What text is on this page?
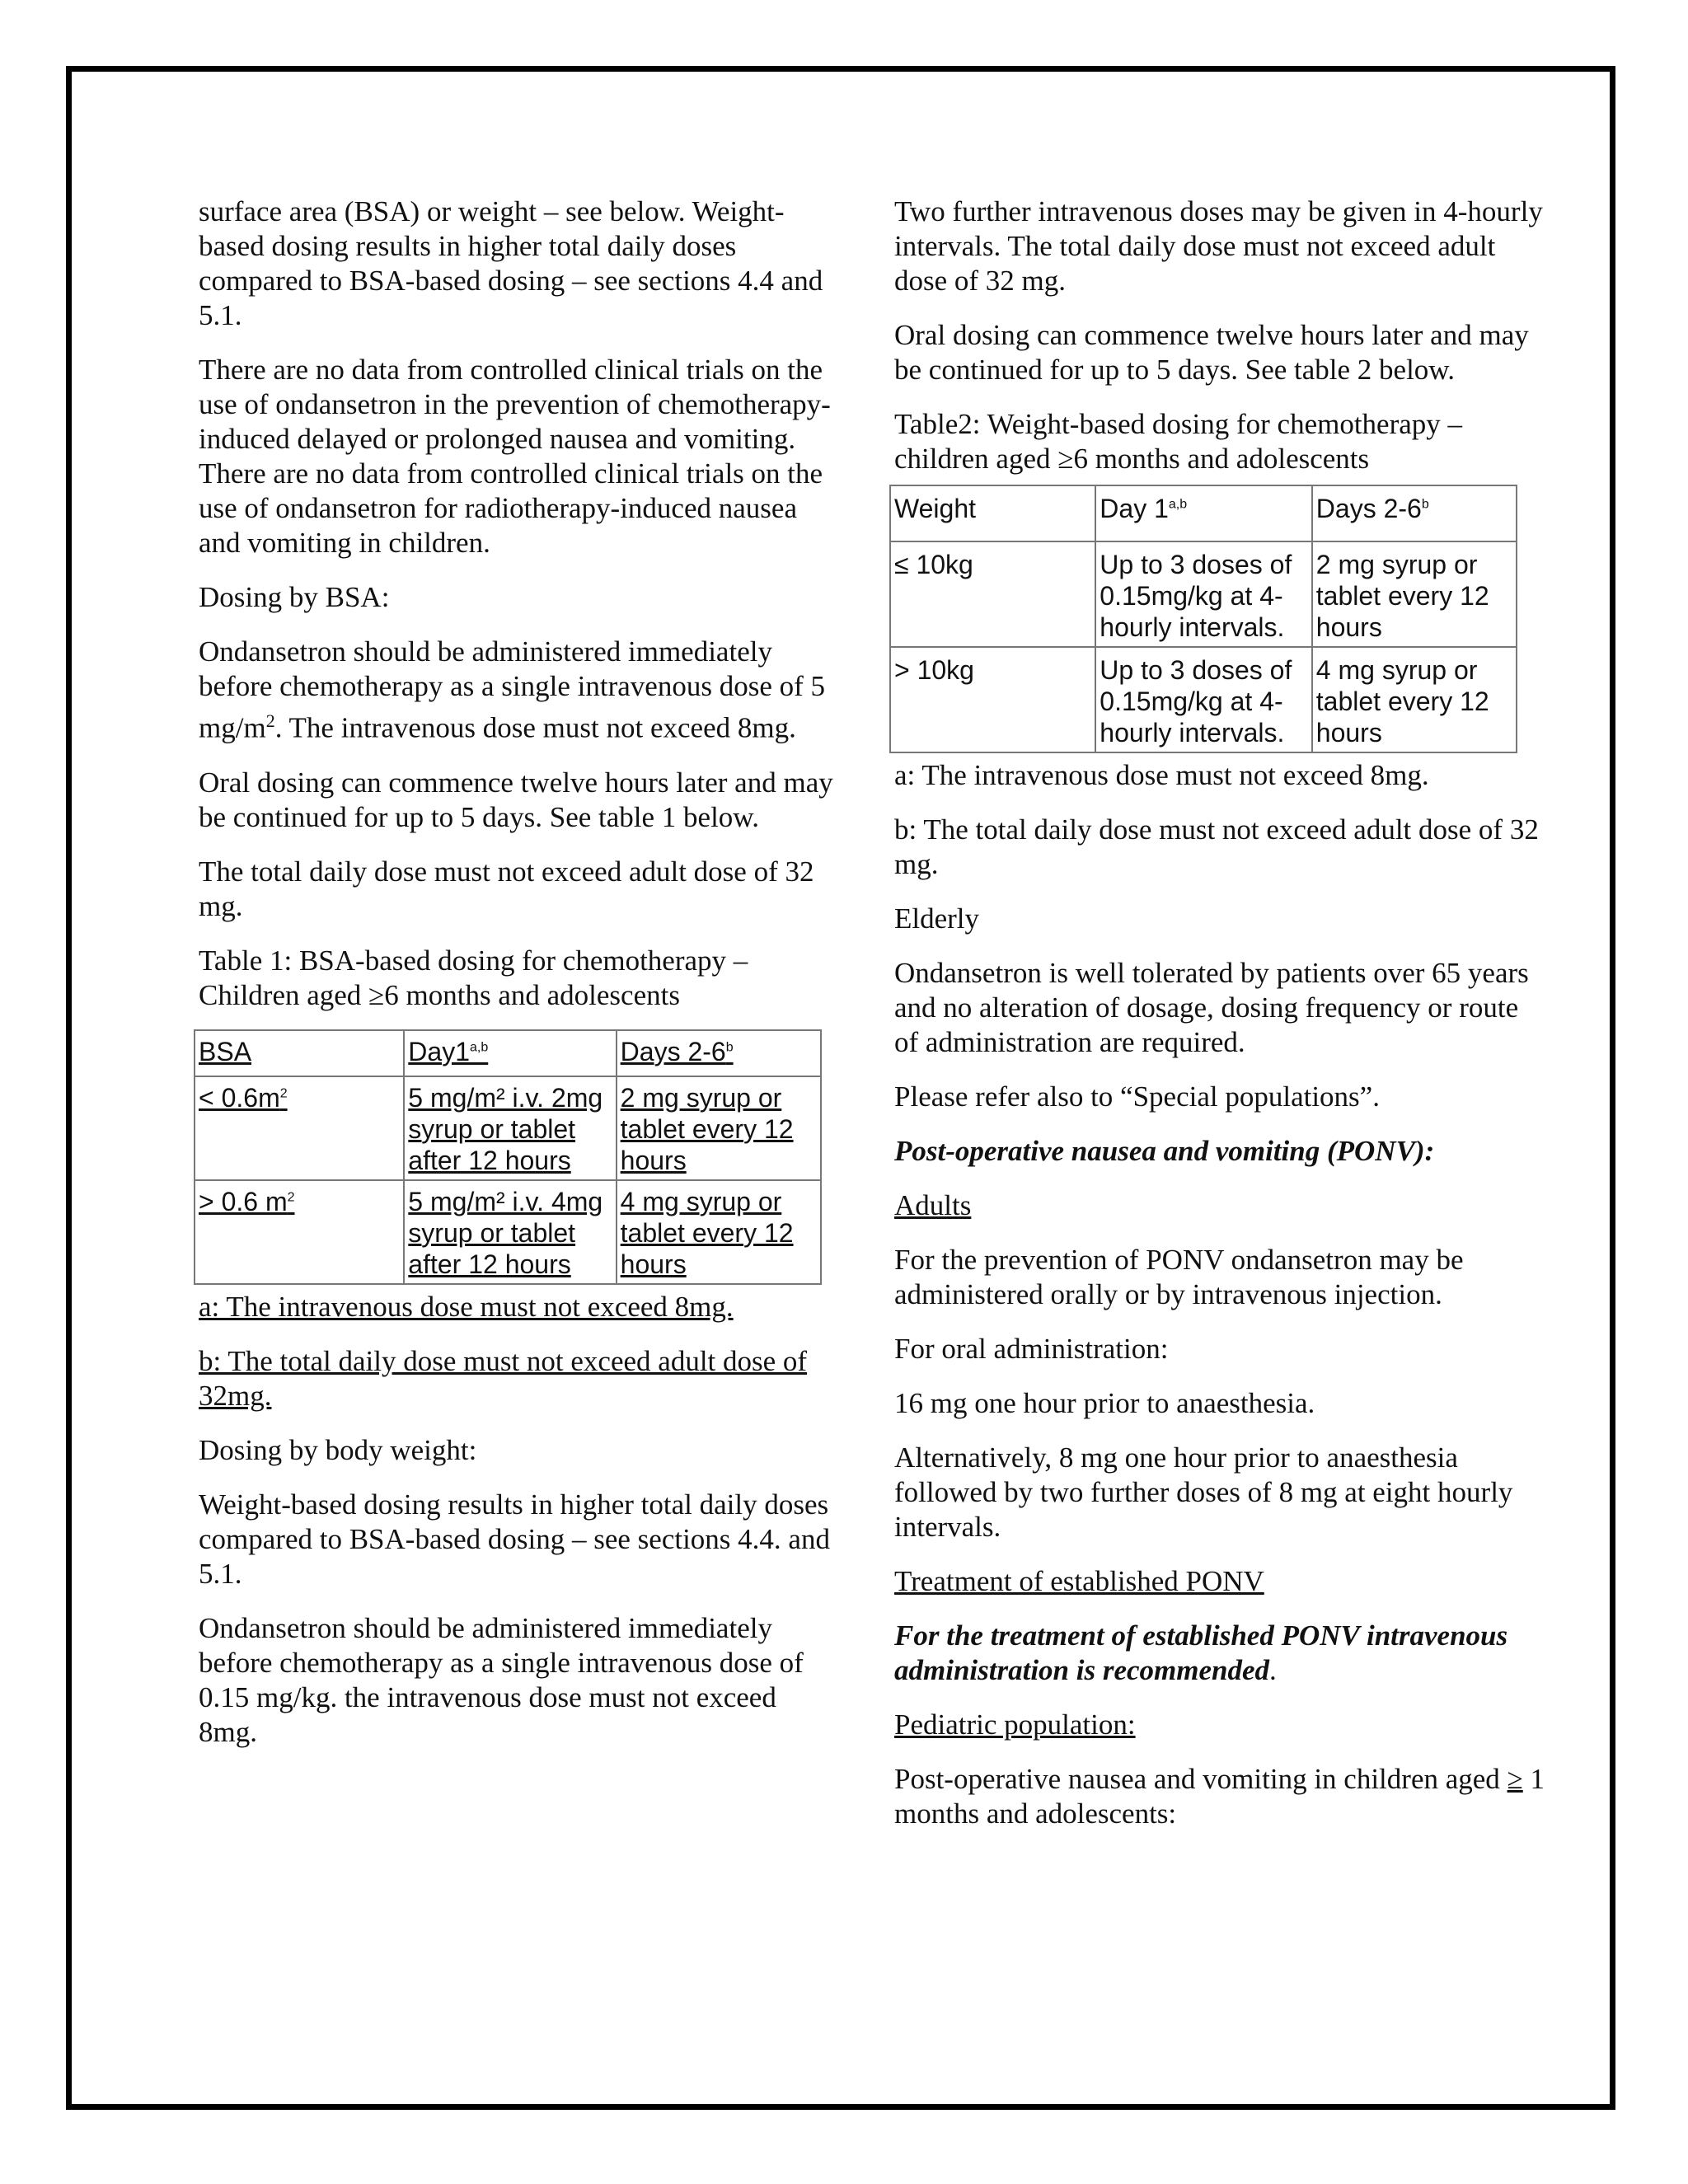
surface area (BSA) or weight – see below. Weight-based dosing results in higher total daily doses compared to BSA-based dosing – see sections 4.4 and 5.1.

There are no data from controlled clinical trials on the use of ondansetron in the prevention of chemotherapy-induced delayed or prolonged nausea and vomiting. There are no data from controlled clinical trials on the use of ondansetron for radiotherapy-induced nausea and vomiting in children.

Dosing by BSA:

Ondansetron should be administered immediately before chemotherapy as a single intravenous dose of 5 $mg/m^2$. The intravenous dose must not exceed 8mg.

Oral dosing can commence twelve hours later and may be continued for up to 5 days. See table 1 below.

The total daily dose must not exceed adult dose of 32 mg.

Table 1: BSA-based dosing for chemotherapy – Children aged ≥6 months and adolescents

BSA	Day1$^{a,b}$	Days $2-6^b$
< $0.6m^2$	5 mg/m² i.v. 2mg syrup or tablet after 12 hours	2 mg syrup or tablet every 12 hours
> 0.6 $m^2$	5 mg/m² i.v. 4mg syrup or tablet after 12 hours	4 mg syrup or tablet every 12 hours

a: The intravenous dose must not exceed 8mg.

b: The total daily dose must not exceed adult dose of 32mg.

Dosing by body weight:

Weight-based dosing results in higher total daily doses compared to BSA-based dosing – see sections 4.4. and 5.1.

Ondansetron should be administered immediately before chemotherapy as a single intravenous dose of 0.15 mg/kg. the intravenous dose must not exceed 8mg.

Two further intravenous doses may be given in 4-hourly intervals. The total daily dose must not exceed adult dose of 32 mg.

Oral dosing can commence twelve hours later and may be continued for up to 5 days. See table 2 below.

Table2: Weight-based dosing for chemotherapy – children aged ≥6 months and adolescents

Weight	Day 1$^{a,b}$	Days $2-6^b$
≤ 10kg	Up to 3 doses of 0.15mg/kg at 4-hourly intervals.	2 mg syrup or tablet every 12 hours
> 10kg	Up to 3 doses of 0.15mg/kg at 4-hourly intervals.	4 mg syrup or tablet every 12 hours

a: The intravenous dose must not exceed 8mg.

b: The total daily dose must not exceed adult dose of 32 mg.

Elderly

Ondansetron is well tolerated by patients over 65 years and no alteration of dosage, dosing frequency or route of administration are required.

Please refer also to “Special populations”.

Post-operative nausea and vomiting (PONV):

Adults

For the prevention of PONV ondansetron may be administered orally or by intravenous injection.

For oral administration:

16 mg one hour prior to anaesthesia.

Alternatively, 8 mg one hour prior to anaesthesia followed by two further doses of 8 mg at eight hourly intervals.

Treatment of established PONV

For the treatment of established PONV intravenous administration is recommended.

Pediatric population:

Post-operative nausea and vomiting in children aged ≥ 1 months and adolescents:
